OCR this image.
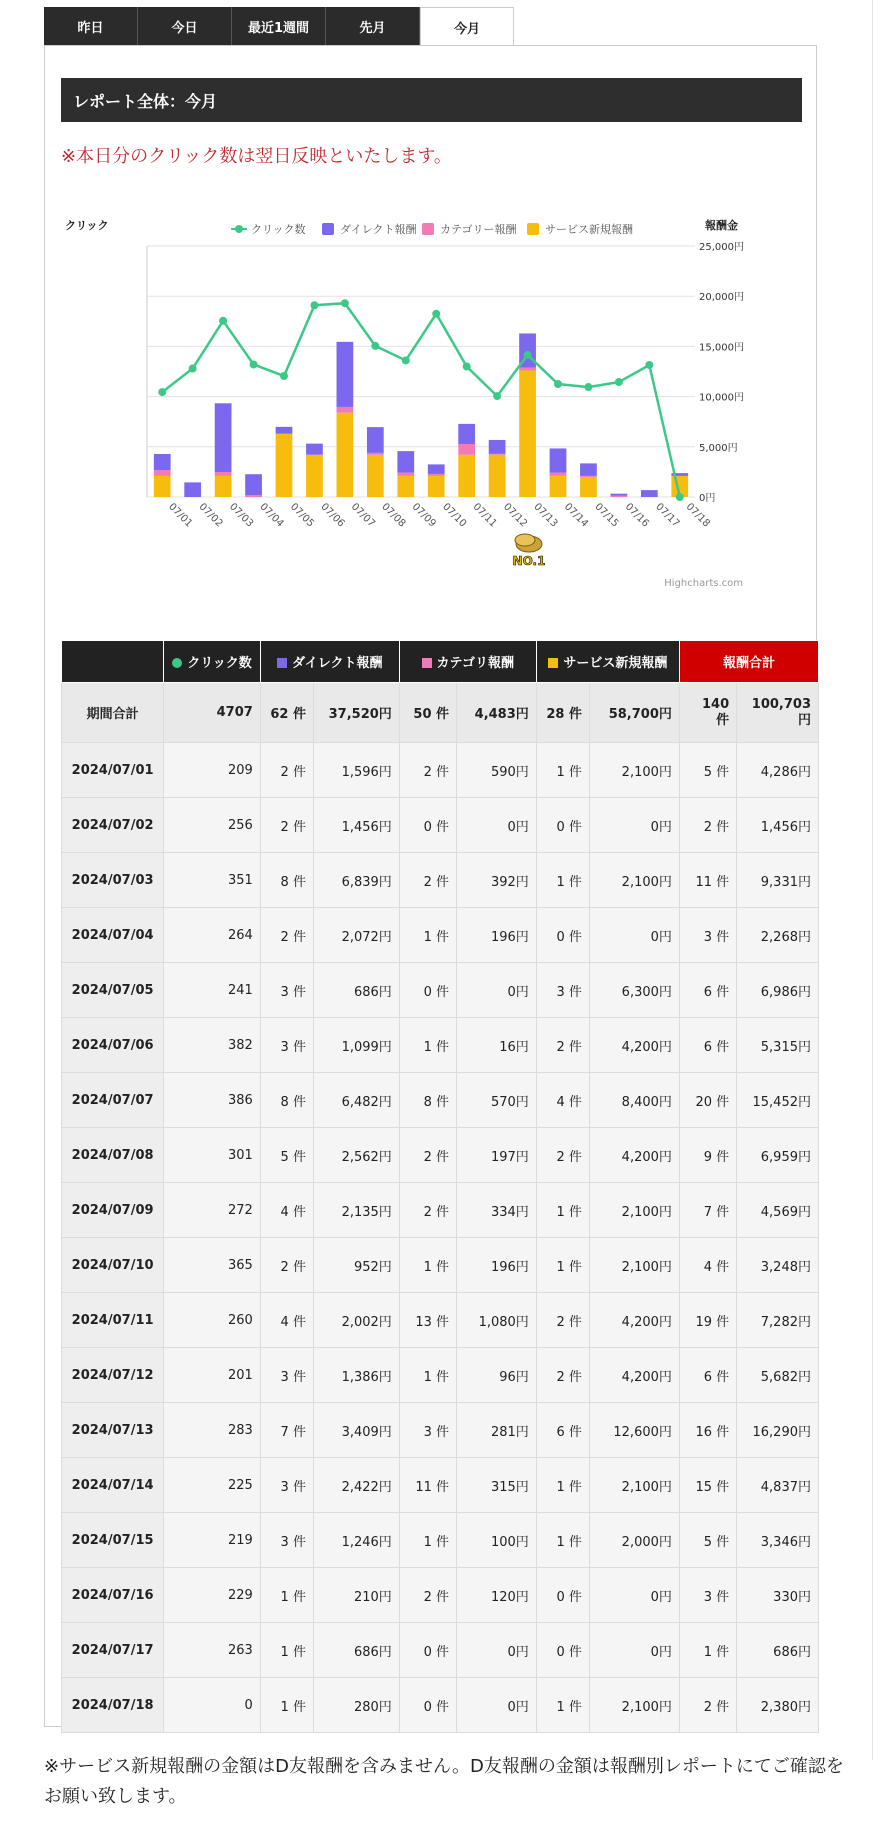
昨日	今日	最近1週間	先月	今月
レポート全体：今月
※本日分のクリック数は翌日反映といたします。
25,000円
20,000円
15,000円
10,000円
5,000円
0円
クリック	報酬金
クリック数	ダイレクト報酬 カテゴリー報酬	サービス新規報酬
07/01 07/02 07/03 07/04 07/05 07/06 07/07 07/08 07/09 07/10 07/11 07/12 07/13 07/14 07/15 07/16 07/17 07/18
NO.1
Highcharts.com
	クリック数	ダイレクト報酬		カテゴリ報酬		サービス新規報酬		報酬合計	
期間合計	4707	62 件	37,520円	50 件	4,483円	28 件	58,700円	140 件	100,703 円
2024/07/01	209	2 件	1,596円	2 件	590円	1 件	2,100円	5 件	4,286円
2024/07/02	256	2 件	1,456円	0 件	0円	0 件	0円	2 件	1,456円
2024/07/03	351	8 件	6,839円	2 件	392円	1 件	2,100円	11 件	9,331円
2024/07/04	264	2 件	2,072円	1 件	196円	0 件	0円	3 件	2,268円
2024/07/05	241	3 件	686円	0 件	0円	3 件	6,300円	6 件	6,986円
2024/07/06	382	3 件	1,099円	1 件	16円	2 件	4,200円	6 件	5,315円
2024/07/07	386	8 件	6,482円	8 件	570円	4 件	8,400円	20 件	15,452円
2024/07/08	301	5 件	2,562円	2 件	197円	2 件	4,200円	9 件	6,959円
2024/07/09	272	4 件	2,135円	2 件	334円	1 件	2,100円	7 件	4,569円
2024/07/10	365	2 件	952円	1 件	196円	1 件	2,100円	4 件	3,248円
2024/07/11	260	4 件	2,002円	13 件	1,080円	2 件	4,200円	19 件	7,282円
2024/07/12	201	3 件	1,386円	1 件	96円	2 件	4,200円	6 件	5,682円
2024/07/13	283	7 件	3,409円	3 件	281円	6 件	12,600円	16 件	16,290円
2024/07/14	225	3 件	2,422円	11 件	315円	1 件	2,100円	15 件	4,837円
2024/07/15	219	3 件	1,246円	1 件	100円	1 件	2,000円	5 件	3,346円
2024/07/16	229	1 件	210円	2 件	120円	0 件	0円	3 件	330円
2024/07/17	263	1 件	686円	0 件	0円	0 件	0円	1 件	686円
2024/07/18	0	1 件	280円	0 件	0円	1 件	2,100円	2 件	2,380円
※サービス新規報酬の金額はD友報酬を含みません。D友報酬の金額は報酬別レポートにてご確認をお願い致します。
